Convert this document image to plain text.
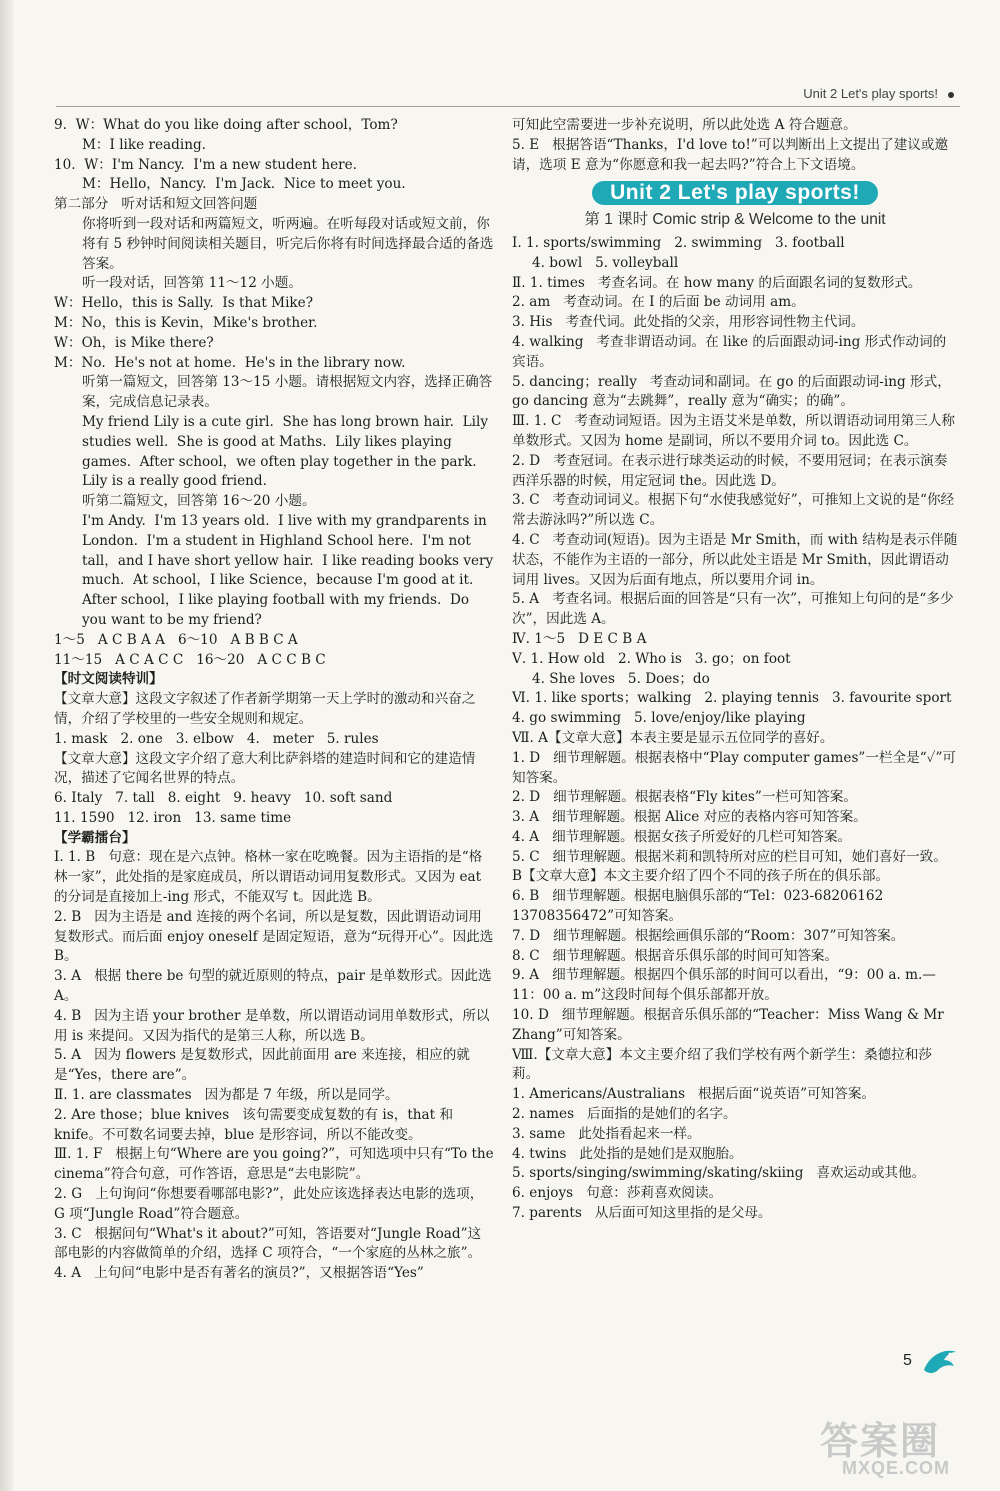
Unit 2 Let's play sports!
9.  W：What do you like doing after school，Tom?
M：I like reading.
10.  W：I'm Nancy.  I'm a new student here.
M：Hello，Nancy.  I'm Jack.  Nice to meet you.
第二部分   听对话和短文回答问题
你将听到一段对话和两篇短文，听两遍。在听每段对话或短文前，你将有 5 秒钟时间阅读相关题目，听完后你将有时间选择最合适的备选答案。
听一段对话，回答第 11～12 小题。
W：Hello，this is Sally.  Is that Mike?
M：No，this is Kevin，Mike's brother.
W：Oh，is Mike there?
M：No.  He's not at home.  He's in the library now.
听第一篇短文，回答第 13～15 小题。请根据短文内容，选择正确答案，完成信息记录表。
My friend Lily is a cute girl.  She has long brown hair.  Lily studies well.  She is good at Maths.  Lily likes playing games.  After school，we often play together in the park.  Lily is a really good friend.
听第二篇短文，回答第 16～20 小题。
I'm Andy.  I'm 13 years old.  I live with my grandparents in London.  I'm a student in Highland School here.  I'm not tall，and I have short yellow hair.  I like reading books very much.  At school，I like Science，because I'm good at it.  After school，I like playing football with my friends.  Do you want to be my friend?
1～5   A C B A A   6～10   A B B C A
11～15   A C A C C   16～20   A C C B C
【时文阅读特训】
【文章大意】这段文字叙述了作者新学期第一天上学时的激动和兴奋之情，介绍了学校里的一些安全规则和规定。
1. mask   2. one   3. elbow   4.   meter   5. rules
【文章大意】这段文字介绍了意大利比萨斜塔的建造时间和它的建造情况，描述了它闻名世界的特点。
6. Italy   7. tall   8. eight   9. heavy   10. soft sand
11. 1590   12. iron   13. same time
【学霸擂台】
Ⅰ. 1. B   句意：现在是六点钟。格林一家在吃晚餐。因为主语指的是“格林一家”，此处指的是家庭成员，所以谓语动词用复数形式。又因为 eat 的分词是直接加上-ing 形式，不能双写 t。因此选 B。
2. B   因为主语是 and 连接的两个名词，所以是复数，因此谓语动词用复数形式。而后面 enjoy oneself 是固定短语，意为“玩得开心”。因此选 B。
3. A   根据 there be 句型的就近原则的特点，pair 是单数形式。因此选 A。
4. B   因为主语 your brother 是单数，所以谓语动词用单数形式，所以用 is 来提问。又因为指代的是第三人称，所以选 B。
5. A   因为 flowers 是复数形式，因此前面用 are 来连接，相应的就是“Yes，there are”。
Ⅱ. 1. are classmates   因为都是 7 年级，所以是同学。
2. Are those；blue knives   该句需要变成复数的有 is，that 和 knife。不可数名词要去掉，blue 是形容词，所以不能改变。
Ⅲ. 1. F   根据上句“Where are you going?”，可知选项中只有“To the cinema”符合句意，可作答语，意思是“去电影院”。
2. G   上句询问“你想要看哪部电影?”，此处应该选择表达电影的选项，G 项“Jungle Road”符合题意。
3. C   根据问句“What's it about?”可知，答语要对“Jungle Road”这部电影的内容做简单的介绍，选择 C 项符合，“一个家庭的丛林之旅”。
4. A   上句问“电影中是否有著名的演员?”，又根据答语“Yes”
可知此空需要进一步补充说明，所以此处选 A 符合题意。
5. E   根据答语“Thanks，I'd love to!”可以判断出上文提出了建议或邀请，选项 E 意为“你愿意和我一起去吗?”符合上下文语境。
Unit 2 Let's play sports!
第 1 课时 Comic strip & Welcome to the unit
Ⅰ. 1. sports/swimming   2. swimming   3. football
4. bowl   5. volleyball
Ⅱ. 1. times   考查名词。在 how many 的后面跟名词的复数形式。
2. am   考查动词。在 I 的后面 be 动词用 am。
3. His   考查代词。此处指的父亲，用形容词性物主代词。
4. walking   考查非谓语动词。在 like 的后面跟动词-ing 形式作动词的宾语。
5. dancing；really   考查动词和副词。在 go 的后面跟动词-ing 形式，go dancing 意为“去跳舞”，really 意为“确实；的确”。
Ⅲ. 1. C   考查动词短语。因为主语艾米是单数，所以谓语动词用第三人称单数形式。又因为 home 是副词，所以不要用介词 to。因此选 C。
2. D   考查冠词。在表示进行球类运动的时候，不要用冠词；在表示演奏西洋乐器的时候，用定冠词 the。因此选 D。
3. C   考查动词词义。根据下句“水使我感觉好”，可推知上文说的是“你经常去游泳吗?”所以选 C。
4. C   考查动词(短语)。因为主语是 Mr Smith，而 with 结构是表示伴随状态，不能作为主语的一部分，所以此处主语是 Mr Smith，因此谓语动词用 lives。又因为后面有地点，所以要用介词 in。
5. A   考查名词。根据后面的回答是“只有一次”，可推知上句问的是“多少次”，因此选 A。
Ⅳ. 1～5   D E C B A
Ⅴ. 1. How old   2. Who is   3. go；on foot
4. She loves   5. Does；do
Ⅵ. 1. like sports；walking   2. playing tennis   3. favourite sport   4. go swimming   5. love/enjoy/like playing
Ⅶ. A【文章大意】本表主要是显示五位同学的喜好。
1. D   细节理解题。根据表格中“Play computer games”一栏全是“✓”可知答案。
2. D   细节理解题。根据表格“Fly kites”一栏可知答案。
3. A   细节理解题。根据 Alice 对应的表格内容可知答案。
4. A   细节理解题。根据女孩子所爱好的几栏可知答案。
5. C   细节理解题。根据米莉和凯特所对应的栏目可知，她们喜好一致。
B【文章大意】本文主要介绍了四个不同的孩子所在的俱乐部。
6. B   细节理解题。根据电脑俱乐部的“Tel：023-68206162 13708356472”可知答案。
7. D   细节理解题。根据绘画俱乐部的“Room：307”可知答案。
8. C   细节理解题。根据音乐俱乐部的时间可知答案。
9. A   细节理解题。根据四个俱乐部的时间可以看出，“9：00 a. m.—11：00 a. m”这段时间每个俱乐部都开放。
10. D   细节理解题。根据音乐俱乐部的“Teacher：Miss Wang & Mr Zhang”可知答案。
Ⅷ.【文章大意】本文主要介绍了我们学校有两个新学生：桑德拉和莎莉。
1. Americans/Australians   根据后面“说英语”可知答案。
2. names   后面指的是她们的名字。
3. same   此处指看起来一样。
4. twins   此处指的是她们是双胞胎。
5. sports/singing/swimming/skating/skiing   喜欢运动或其他。
6. enjoys   句意：莎莉喜欢阅读。
7. parents   从后面可知这里指的是父母。
5
答案圈
MXQE.COM
